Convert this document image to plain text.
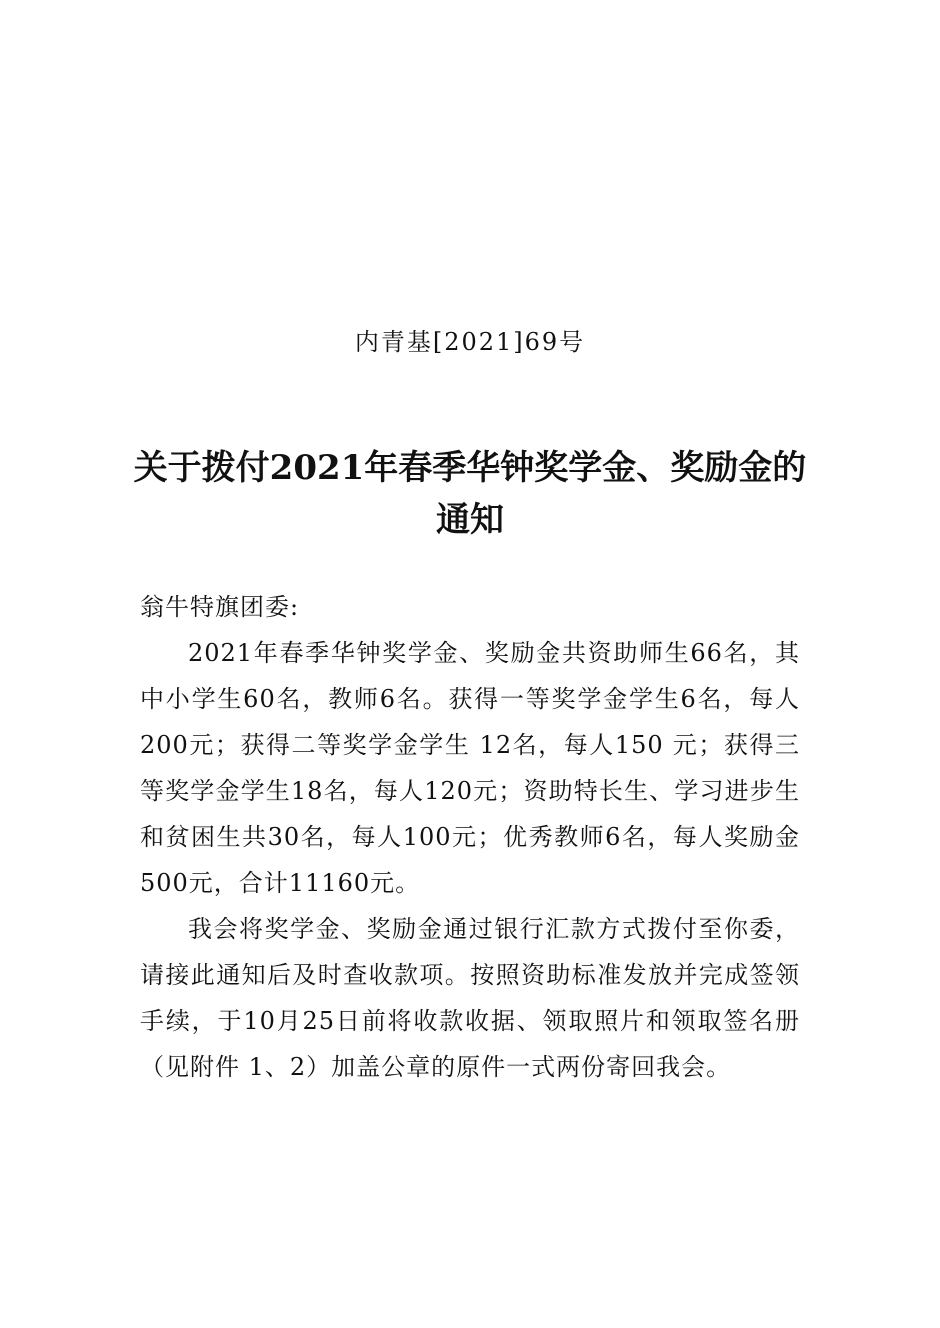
内青基[2021]69号
关于拨付2021年春季华钟奖学金、奖励金的
通知

翁牛特旗团委:

2021年春季华钟奖学金、奖励金共资助师生66名，其中小学生60名，教师6名。获得一等奖学金学生6名，每人200元；获得二等奖学金学生 12名，每人150 元；获得三等奖学金学生18名，每人120元；资助特长生、学习进步生和贫困生共30名，每人100元；优秀教师6名，每人奖励金500元，合计11160元。

我会将奖学金、奖励金通过银行汇款方式拨付至你委，请接此通知后及时查收款项。按照资助标准发放并完成签领手续，于10月25日前将收款收据、领取照片和领取签名册（见附件 1、2）加盖公章的原件一式两份寄回我会。
